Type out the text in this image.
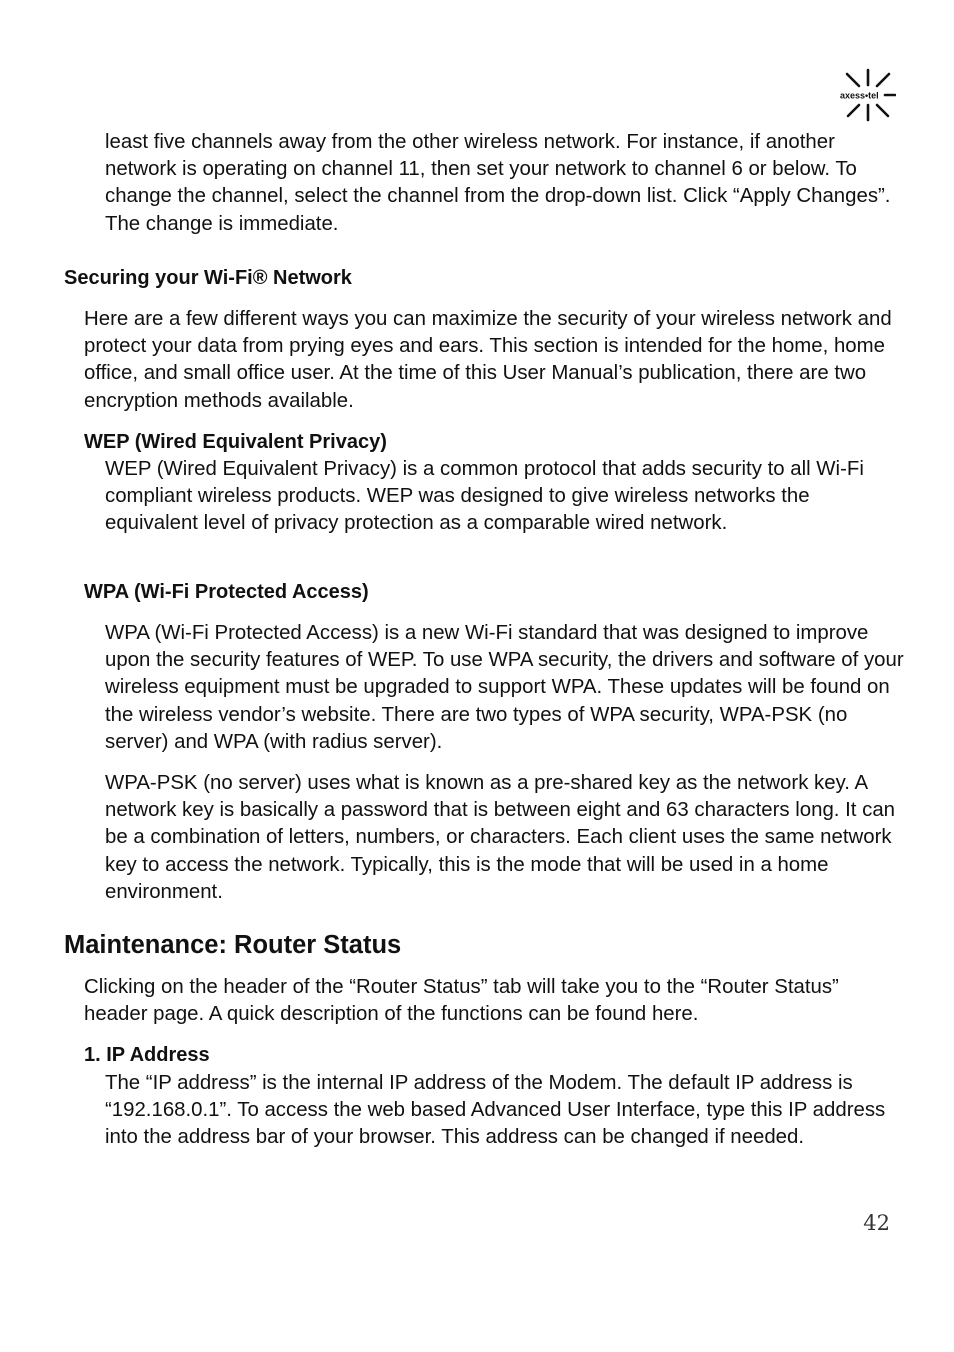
axess•tel

least five channels away from the other wireless network. For instance, if another network is operating on channel 11, then set your network to channel 6 or below. To change the channel, select the channel from the drop-down list. Click “Apply Changes”. The change is immediate.

Securing your Wi-Fi® Network

Here are a few different ways you can maximize the security of your wireless network and protect your data from prying eyes and ears. This section is intended for the home, home office, and small office user. At the time of this User Manual’s publication, there are two encryption methods available.

WEP (Wired Equivalent Privacy)

WEP (Wired Equivalent Privacy) is a common protocol that adds security to all Wi-Fi compliant wireless products. WEP was designed to give wireless networks the equivalent level of privacy protection as a comparable wired network.

WPA (Wi-Fi Protected Access)

WPA (Wi-Fi Protected Access) is a new Wi-Fi standard that was designed to improve upon the security features of WEP. To use WPA security, the drivers and software of your wireless equipment must be upgraded to support WPA. These updates will be found on the wireless vendor’s website. There are two types of WPA security, WPA-PSK (no server) and WPA (with radius server).

WPA-PSK (no server) uses what is known as a pre-shared key as the network key. A network key is basically a password that is between eight and 63 characters long. It can be a combination of letters, numbers, or characters. Each client uses the same network key to access the network. Typically, this is the mode that will be used in a home environment.

Maintenance: Router Status

Clicking on the header of the “Router Status” tab will take you to the “Router Status” header page. A quick description of the functions can be found here.

1. IP Address

The “IP address” is the internal IP address of the Modem. The default IP address is “192.168.0.1”. To access the web based Advanced User Interface, type this IP address into the address bar of your browser. This address can be changed if needed.

42
